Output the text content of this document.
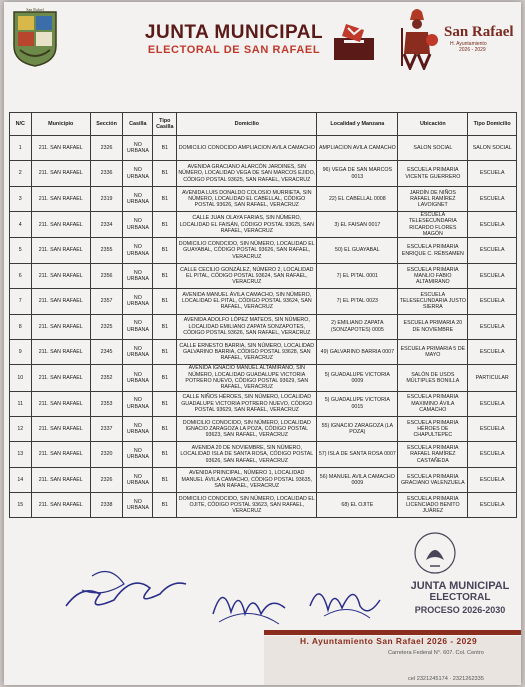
San Rafael
JUNTA MUNICIPAL
ELECTORAL DE SAN RAFAEL
San Rafael
H. Ayuntamiento
2026 - 2029
N/C	Municipio	Sección	Casilla	Tipo Casilla	Domicilio	Localidad y Manzana	Ubicación	Tipo Domicilio
1	211. SAN RAFAEL	2326	NO URBANA	B1	DOMICILIO CONOCIDO AMPLIACION AVILA CAMACHO	AMPLIACION AVILA CAMACHO	SALON SOCIAL	SALON SOCIAL
2	211. SAN RAFAEL	2336	NO URBANA	B1	AVENIDA GRACIANO ALARCÓN JARDINES, SIN NÚMERO, LOCALIDAD VEGA DE SAN MARCOS EJIDO, CÓDIGO POSTAL 93625, SAN RAFAEL, VERACRUZ	96) VEGA DE SAN MARCOS 0013	ESCUELA PRIMARIA VICENTE GUERRERO	ESCUELA
3	211. SAN RAFAEL	2319	NO URBANA	B1	AVENIDA LUIS DONALDO COLOSIO MURRIETA, SIN NÚMERO, LOCALIDAD EL CABELLAL, CÓDIGO POSTAL 93626, SAN RAFAEL, VERACRUZ	22) EL CABELLAL 0008	JARDÍN DE NIÑOS RAFAEL RAMÍREZ LAVOIGNET	ESCUELA
4	211. SAN RAFAEL	2334	NO URBANA	B1	CALLE JUAN OLAYA FARIAS, SIN NÚMERO, LOCALIDAD EL FAISÁN, CÓDIGO POSTAL 93625, SAN RAFAEL, VERACRUZ	3) EL FAISAN 0017	ESCUELA TELESECUNDARIA RICARDO FLORES MAGÓN	ESCUELA
5	211. SAN RAFAEL	2355	NO URBANA	B1	DOMICILIO CONOCIDO, SIN NÚMERO, LOCALIDAD EL GUAYABAL, CÓDIGO POSTAL 93626, SAN RAFAEL, VERACRUZ	50) EL GUAYABAL	ESCUELA PRIMARIA ENRIQUE C. RÉBSAMEN	ESCUELA
6	211. SAN RAFAEL	2356	NO URBANA	B1	CALLE CECILIO GONZÁLEZ, NÚMERO 2, LOCALIDAD EL PITAL, CÓDIGO POSTAL 93624, SAN RAFAEL, VERACRUZ	7) EL PITAL 0001	ESCUELA PRIMARIA MANLIO FABIO ALTAMIRANO	ESCUELA
7	211. SAN RAFAEL	2357	NO URBANA	B1	AVENIDA MANUEL ÁVILA CAMACHO, SIN NÚMERO, LOCALIDAD EL PITAL, CÓDIGO POSTAL 93624, SAN RAFAEL, VERACRUZ	7) EL PITAL 0023	ESCUELA TELESECUNDARIA JUSTO SIERRA	ESCUELA
8	211. SAN RAFAEL	2325	NO URBANA	B1	AVENIDA ADOLFO LÓPEZ MATEOS, SIN NÚMERO, LOCALIDAD EMILIANO ZAPATA SONZAPOTES, CÓDIGO POSTAL 93626, SAN RAFAEL, VERACRUZ	2) EMILIANO ZAPATA (SONZAPOTES) 0005	ESCUELA PRIMARIA 20 DE NOVIEMBRE	ESCUELA
9	211. SAN RAFAEL	2345	NO URBANA	B1	CALLE ERNESTO BARRIA, SIN NÚMERO, LOCALIDAD GALVARINO BARRIA, CÓDIGO POSTAL 93628, SAN RAFAEL, VERACRUZ	49) GALVARINO BARRIA 0007	ESCUELA PRIMARIA 5 DE MAYO	ESCUELA
10	211. SAN RAFAEL	2352	NO URBANA	B1	AVENIDA IGNACIO MANUEL ALTAMIRANO, SIN NÚMERO, LOCALIDAD GUADALUPE VICTORIA POTRERO NUEVO, CÓDIGO POSTAL 93629, SAN RAFAEL, VERACRUZ	5) GUADALUPE VICTORIA 0009	SALÓN DE USOS MÚLTIPLES BONILLA	PARTICULAR
11	211. SAN RAFAEL	2353	NO URBANA	B1	CALLE NIÑOS HÉROES, SIN NÚMERO, LOCALIDAD GUADALUPE VICTORIA POTRERO NUEVO, CÓDIGO POSTAL 93629, SAN RAFAEL, VERACRUZ	5) GUADALUPE VICTORIA 0015	ESCUELA PRIMARIA MAXIMINO ÁVILA CAMACHO	ESCUELA
12	211. SAN RAFAEL	2337	NO URBANA	B1	DOMICILIO CONOCIDO, SIN NÚMERO, LOCALIDAD IGNACIO ZARAGOZA LA POZA, CÓDIGO POSTAL 93623, SAN RAFAEL, VERACRUZ	55) IGNACIO ZARAGOZA (LA POZA)	ESCUELA PRIMARIA HÉROES DE CHAPULTEPEC	ESCUELA
13	211. SAN RAFAEL	2320	NO URBANA	B1	AVENIDA 20 DE NOVIEMBRE, SIN NÚMERO, LOCALIDAD ISLA DE SANTA ROSA, CÓDIGO POSTAL 93626, SAN RAFAEL, VERACRUZ	57) ISLA DE SANTA ROSA 0007	ESCUELA PRIMARIA RAFAEL RAMÍREZ CASTAÑEDA	ESCUELA
14	211. SAN RAFAEL	2326	NO URBANA	B1	AVENIDA PRINCIPAL, NÚMERO 1, LOCALIDAD MANUEL ÁVILA CAMACHO, CÓDIGO POSTAL 93635, SAN RAFAEL, VERACRUZ	56) MANUEL AVILA CAMACHO 0009	ESCUELA PRIMARIA GRACIANO VALENZUELA	ESCUELA
15	211. SAN RAFAEL	2338	NO URBANA	B1	DOMICILIO CONOCIDO, SIN NÚMERO, LOCALIDAD EL OJITE, CÓDIGO POSTAL 93623, SAN RAFAEL, VERACRUZ	68) EL OJITE	ESCUELA PRIMARIA LICENCIADO BENITO JUÁREZ	ESCUELA
JUNTA MUNICIPAL
ELECTORAL
PROCESO 2026-2030
H. Ayuntamiento San Rafael 2026 - 2029
Carretera Federal N°. 607. Col. Centro
cel 2321245174 · 2321262335
